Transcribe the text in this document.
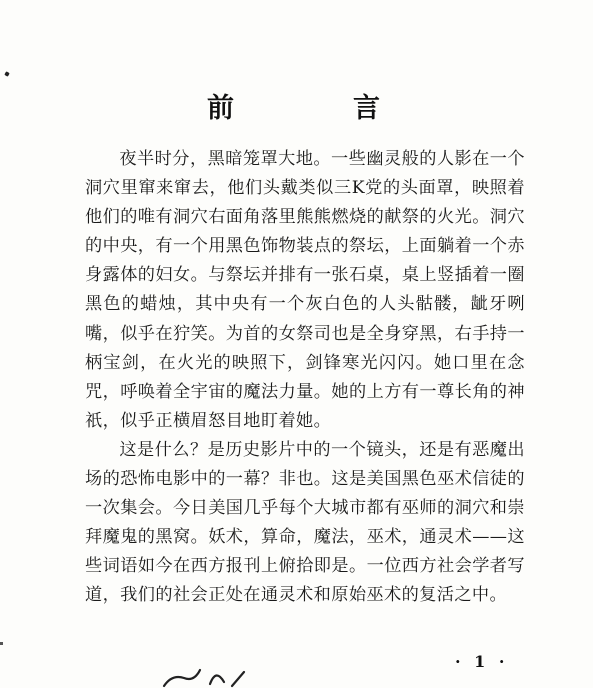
前　言

夜半时分，黑暗笼罩大地。一些幽灵般的人影在一个洞穴里窜来窜去，他们头戴类似三K党的头面罩，映照着他们的唯有洞穴右面角落里熊熊燃烧的献祭的火光。洞穴的中央，有一个用黑色饰物装点的祭坛，上面躺着一个赤身露体的妇女。与祭坛并排有一张石桌，桌上竖插着一圈黑色的蜡烛，其中央有一个灰白色的人头骷髅，龇牙咧嘴，似乎在狞笑。为首的女祭司也是全身穿黑，右手持一柄宝剑，在火光的映照下，剑锋寒光闪闪。她口里在念咒，呼唤着全宇宙的魔法力量。她的上方有一尊长角的神祇，似乎正横眉怒目地盯着她。

这是什么？是历史影片中的一个镜头，还是有恶魔出场的恐怖电影中的一幕？非也。这是美国黑色巫术信徒的一次集会。今日美国几乎每个大城市都有巫师的洞穴和崇拜魔鬼的黑窝。妖术，算命，魔法，巫术，通灵术——这些词语如今在西方报刊上俯拾即是。一位西方社会学者写道，我们的社会正处在通灵术和原始巫术的复活之中。

· 1 ·
